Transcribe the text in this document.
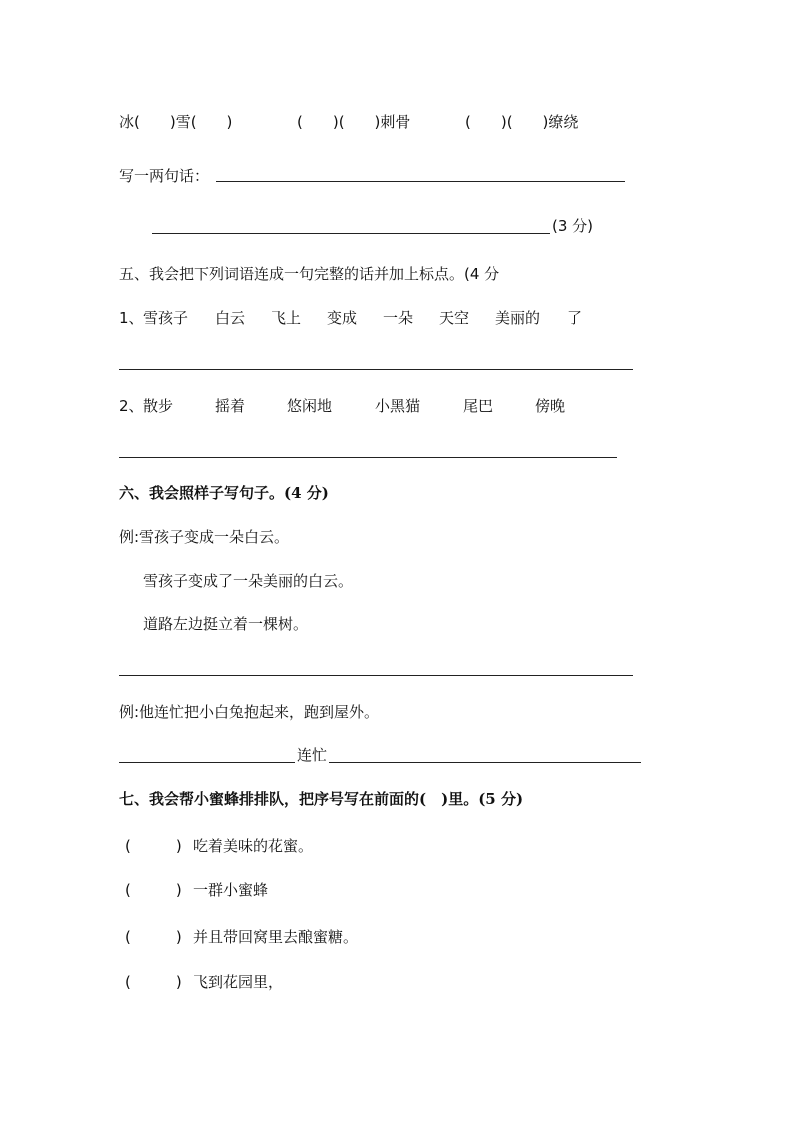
冰(　　)雪(　　)	(　　)(　　)刺骨	(　　)(　　)缭绕
写一两句话：
(3 分)
五、我会把下列词语连成一句完整的话并加上标点。(4 分
1、 雪孩子 白云 飞上 变成 一朵 天空 美丽的 了
2、 散步	摇着	悠闲地	小黑猫	尾巴	傍晚
六、我会照样子写句子。(4 分)
例:雪孩子变成一朵白云。
雪孩子变成了一朵美丽的白云。
道路左边挺立着一棵树。
例:他连忙把小白兔抱起来，跑到屋外。
连忙
七、我会帮小蜜蜂排排队，把序号写在前面的(　)里。(5 分)
(　　　) 吃着美味的花蜜。
(　　　) 一群小蜜蜂
(　　　) 并且带回窝里去酿蜜糖。
(　　　) 飞到花园里，
